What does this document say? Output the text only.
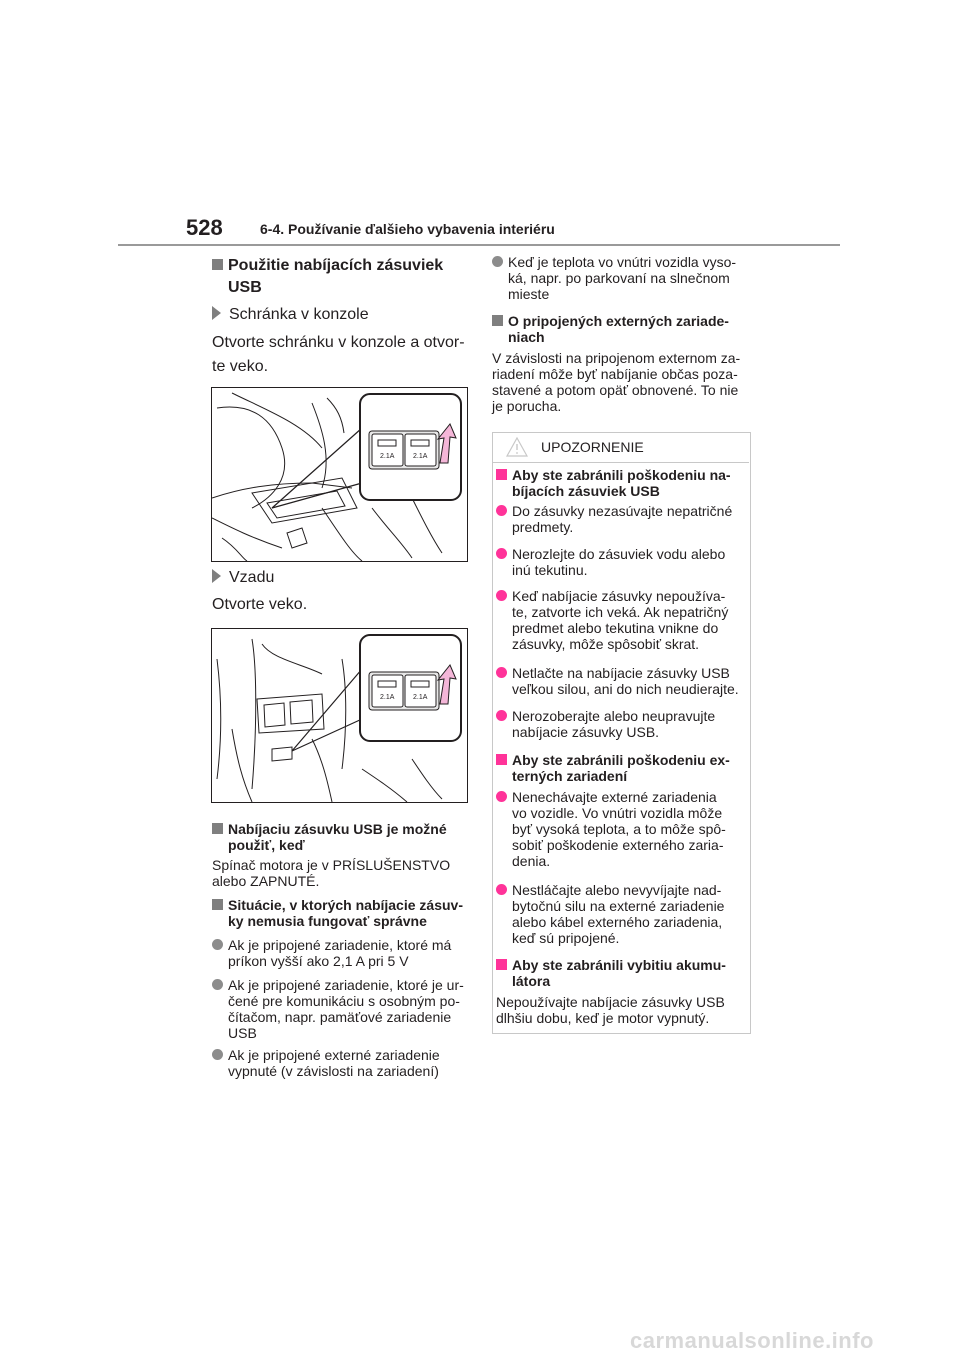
528	6-4. Používanie ďalšieho vybavenia interiéru
Použitie nabíjacích zásuviek
USB
Schránka v konzole
Otvorte schránku v konzole a otvor-
te veko.
2.1A	2.1A
Vzadu
Otvorte veko.
2.1A	2.1A
Nabíjaciu zásuvku USB je možné
použiť, keď
Spínač motora je v PRÍSLUŠENSTVO
alebo ZAPNUTÉ.
Situácie, v ktorých nabíjacie zásuv-
ky nemusia fungovať správne
Ak je pripojené zariadenie, ktoré má
príkon vyšší ako 2,1 A pri 5 V
Ak je pripojené zariadenie, ktoré je ur-
čené pre komunikáciu s osobným po-
čítačom, napr. pamäťové zariadenie
USB
Ak je pripojené externé zariadenie
vypnuté (v závislosti na zariadení)
Keď je teplota vo vnútri vozidla vyso-
ká, napr. po parkovaní na slnečnom
mieste
O pripojených externých zariade-
niach
V závislosti na pripojenom externom za-
riadení môže byť nabíjanie občas poza-
stavené a potom opäť obnovené. To nie
je porucha.
UPOZORNENIE
Aby ste zabránili poškodeniu na-
bíjacích zásuviek USB
Do zásuvky nezasúvajte nepatričné
predmety.
Nerozlejte do zásuviek vodu alebo
inú tekutinu.
Keď nabíjacie zásuvky nepoužíva-
te, zatvorte ich veká. Ak nepatričný
predmet alebo tekutina vnikne do
zásuvky, môže spôsobiť skrat.
Netlačte na nabíjacie zásuvky USB
veľkou silou, ani do nich neudierajte.
Nerozoberajte alebo neupravujte
nabíjacie zásuvky USB.
Aby ste zabránili poškodeniu ex-
terných zariadení
Nenechávajte externé zariadenia
vo vozidle. Vo vnútri vozidla môže
byť vysoká teplota, a to môže spô-
sobiť poškodenie externého zaria-
denia.
Nestláčajte alebo nevyvíjajte nad-
bytočnú silu na externé zariadenie
alebo kábel externého zariadenia,
keď sú pripojené.
Aby ste zabránili vybitiu akumu-
látora
Nepoužívajte nabíjacie zásuvky USB
dlhšiu dobu, keď je motor vypnutý.
carmanualsonline.info
